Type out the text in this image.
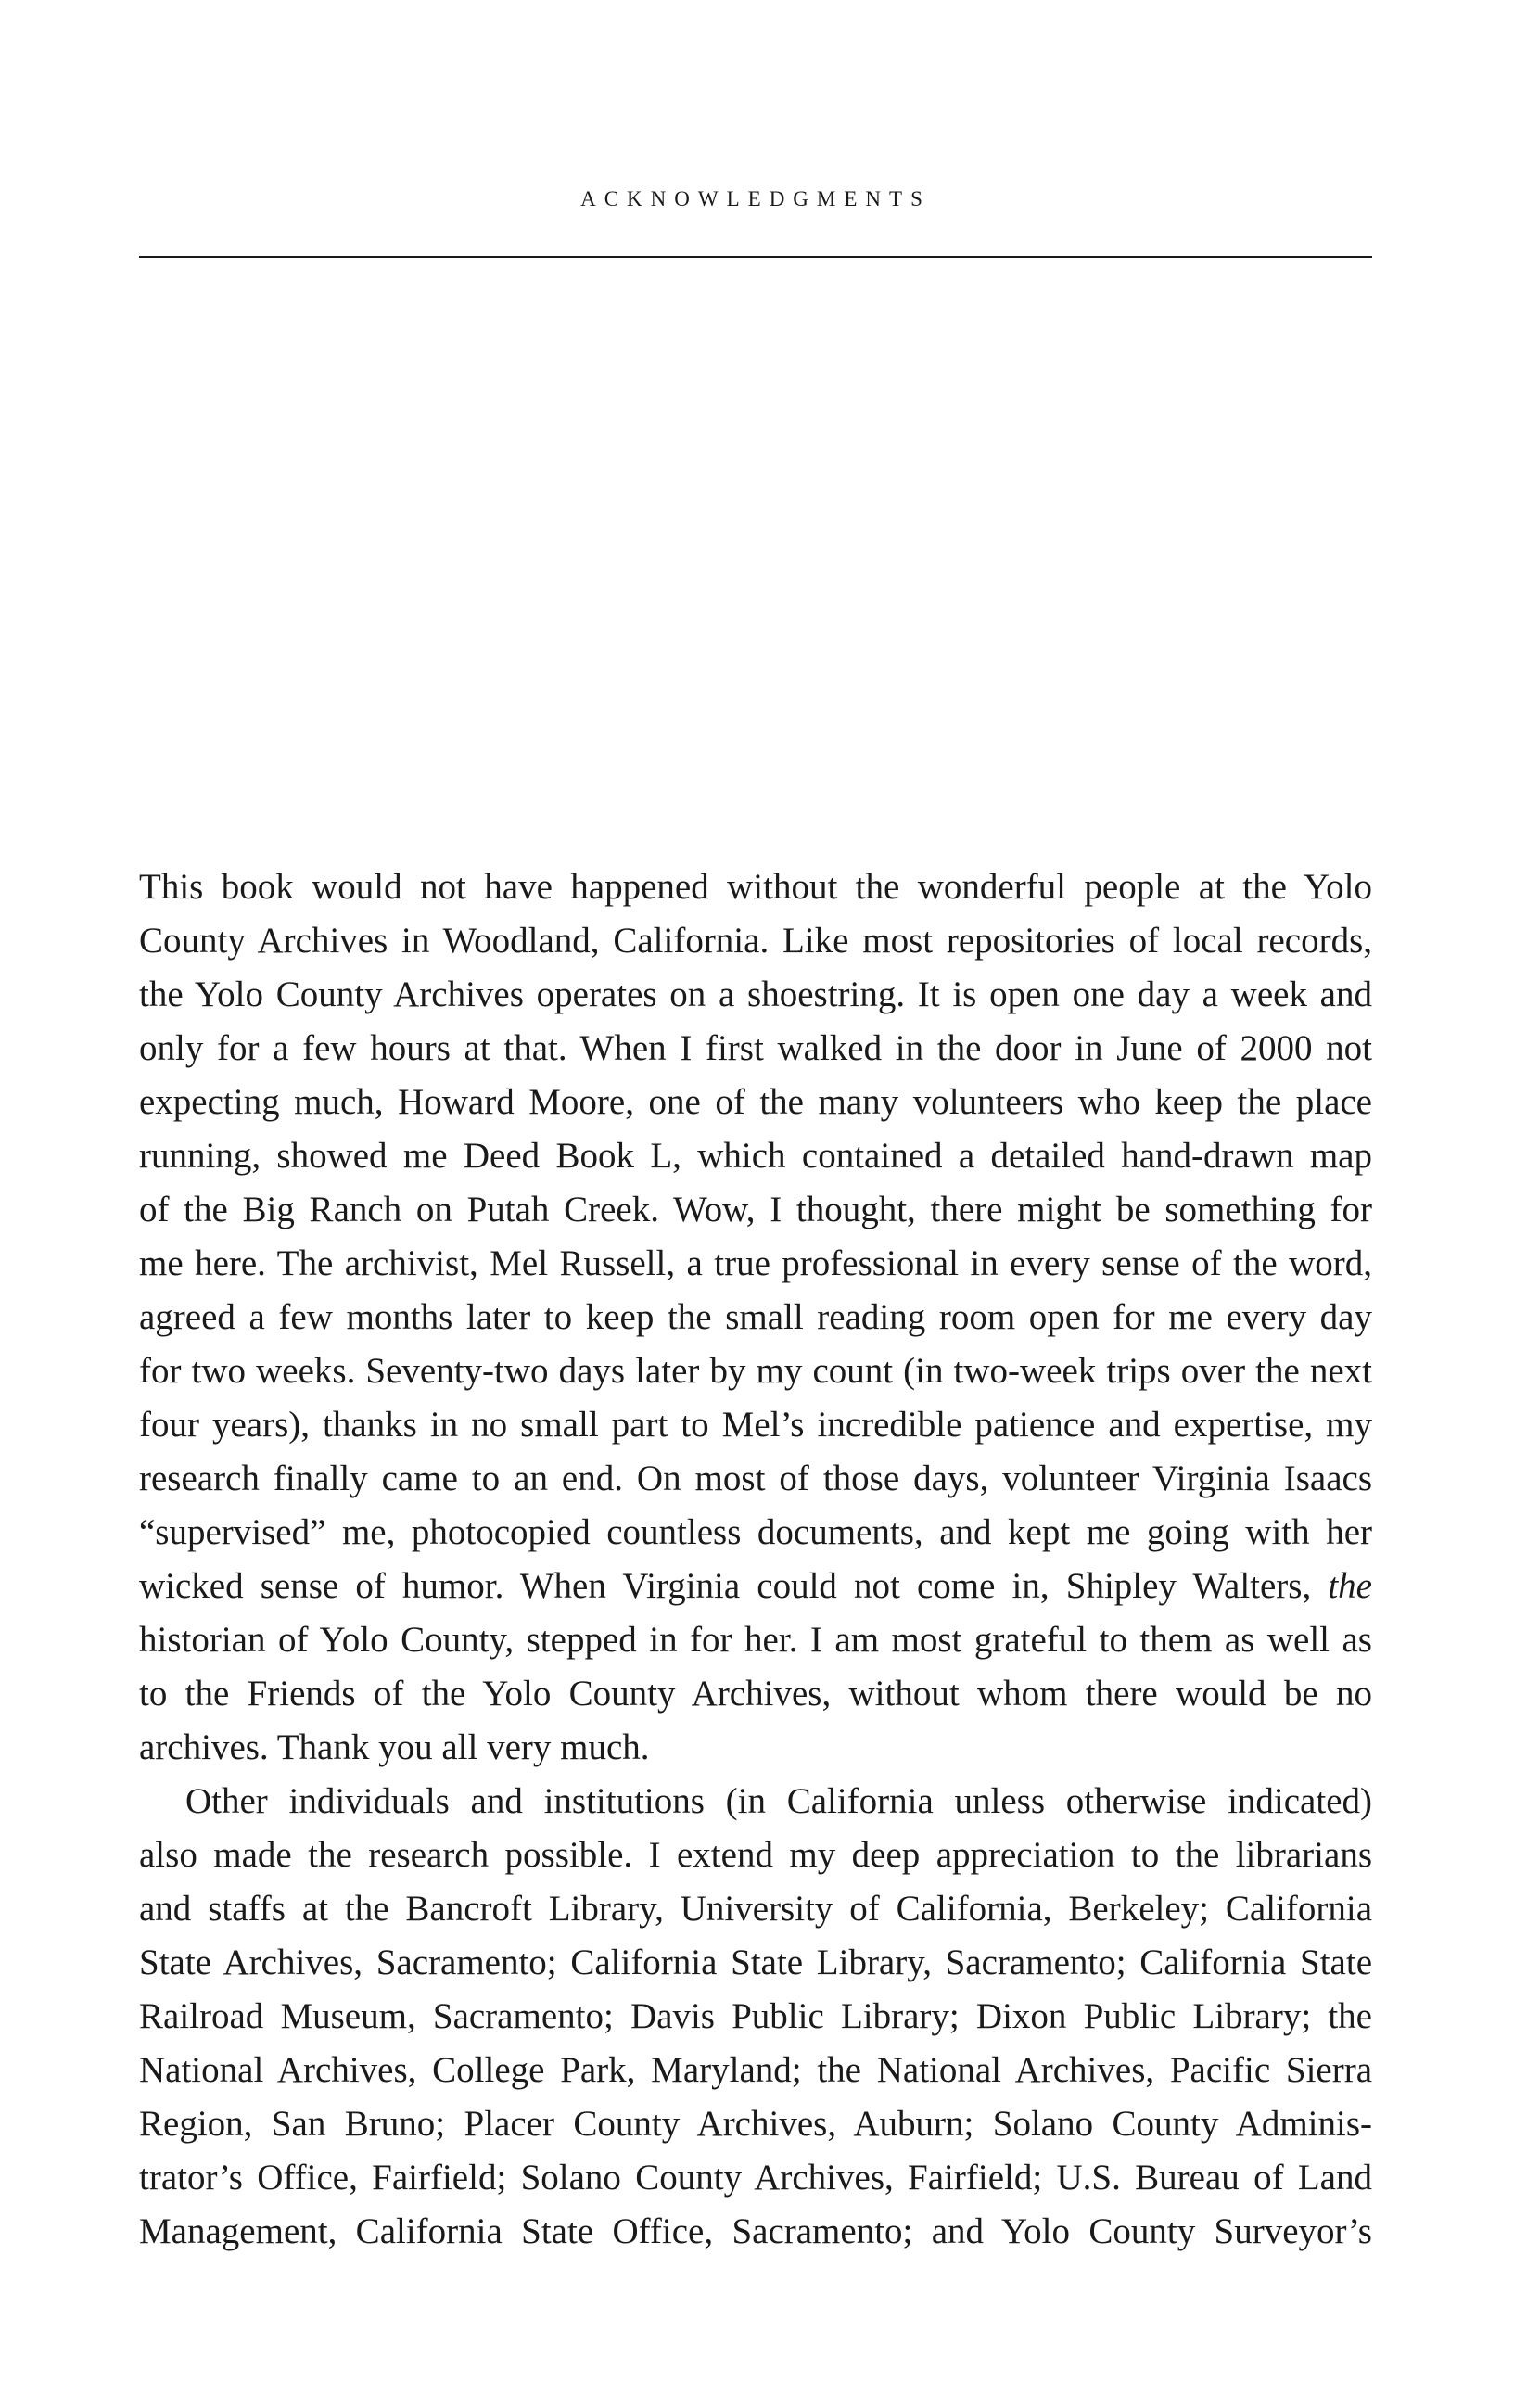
ACKNOWLEDGMENTS

This book would not have happened without the wonderful people at the Yolo
County Archives in Woodland, California. Like most repositories of local records,
the Yolo County Archives operates on a shoestring. It is open one day a week and
only for a few hours at that. When I first walked in the door in June of 2000 not
expecting much, Howard Moore, one of the many volunteers who keep the place
running, showed me Deed Book L, which contained a detailed hand-drawn map
of the Big Ranch on Putah Creek. Wow, I thought, there might be something for
me here. The archivist, Mel Russell, a true professional in every sense of the word,
agreed a few months later to keep the small reading room open for me every day
for two weeks. Seventy-two days later by my count (in two-week trips over the next
four years), thanks in no small part to Mel’s incredible patience and expertise, my
research finally came to an end. On most of those days, volunteer Virginia Isaacs
“supervised” me, photocopied countless documents, and kept me going with her
wicked sense of humor. When Virginia could not come in, Shipley Walters, the
historian of Yolo County, stepped in for her. I am most grateful to them as well as
to the Friends of the Yolo County Archives, without whom there would be no
archives. Thank you all very much.

Other individuals and institutions (in California unless otherwise indicated)
also made the research possible. I extend my deep appreciation to the librarians
and staffs at the Bancroft Library, University of California, Berkeley; California
State Archives, Sacramento; California State Library, Sacramento; California State
Railroad Museum, Sacramento; Davis Public Library; Dixon Public Library; the
National Archives, College Park, Maryland; the National Archives, Pacific Sierra
Region, San Bruno; Placer County Archives, Auburn; Solano County Adminis-
trator’s Office, Fairfield; Solano County Archives, Fairfield; U.S. Bureau of Land
Management, California State Office, Sacramento; and Yolo County Surveyor’s
